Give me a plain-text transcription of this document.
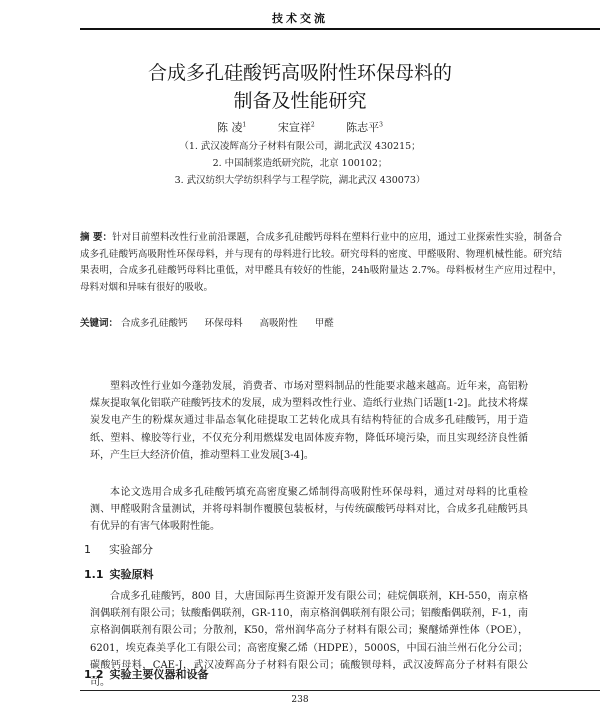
技术交流
合成多孔硅酸钙高吸附性环保母料的
制备及性能研究
陈 凌$^1$	宋宣祥$^2$	陈志平$^3$
（1. 武汉凌辉高分子材料有限公司，湖北武汉 430215；
2. 中国制浆造纸研究院，北京 100102；
3. 武汉纺织大学纺织科学与工程学院，湖北武汉 430073）
摘 要：针对目前塑料改性行业前沿课题，合成多孔硅酸钙母料在塑料行业中的应用，通过工业探索性实验，制备合成多孔硅酸钙高吸附性环保母料，并与现有的母料进行比较。研究母料的密度、甲醛吸附、物理机械性能。研究结果表明，合成多孔硅酸钙母料比重低，对甲醛具有较好的性能，24h吸附量达 2.7%。母料板材生产应用过程中，母料对烟和异味有很好的吸收。
关键词： 合成多孔硅酸钙 环保母料 高吸附性 甲醛
塑料改性行业如今蓬勃发展，消费者、市场对塑料制品的性能要求越来越高。近年来，高铝粉煤灰提取氧化铝联产硅酸钙技术的发展，成为塑料改性行业、造纸行业热门话题[1-2]。此技术将煤炭发电产生的粉煤灰通过非晶态氧化硅提取工艺转化成具有结构特征的合成多孔硅酸钙，用于造纸、塑料、橡胶等行业，不仅充分利用燃煤发电固体废弃物，降低环境污染，而且实现经济良性循环，产生巨大经济价值，推动塑料工业发展[3-4]。
本论文选用合成多孔硅酸钙填充高密度聚乙烯制得高吸附性环保母料，通过对母料的比重检测、甲醛吸附含量测试，并将母料制作覆膜包装板材，与传统碳酸钙母料对比，合成多孔硅酸钙具有优异的有害气体吸附性能。
1 实验部分
1.1 实验原料
合成多孔硅酸钙，800 目，大唐国际再生资源开发有限公司；硅烷偶联剂，KH-550，南京格润偶联剂有限公司；钛酸酯偶联剂，GR-110，南京格润偶联剂有限公司；铝酸酯偶联剂，F-1，南京格润偶联剂有限公司；分散剂，K50，常州润华高分子材料有限公司；聚醚烯弹性体（POE），6201，埃克森美孚化工有限公司；高密度聚乙烯（HDPE），5000S，中国石油兰州石化分公司；碳酸钙母料，CAE-J，武汉凌辉高分子材料有限公司；硫酸钡母料，武汉凌辉高分子材料有限公司。
1.2 实验主要仪器和设备
238
